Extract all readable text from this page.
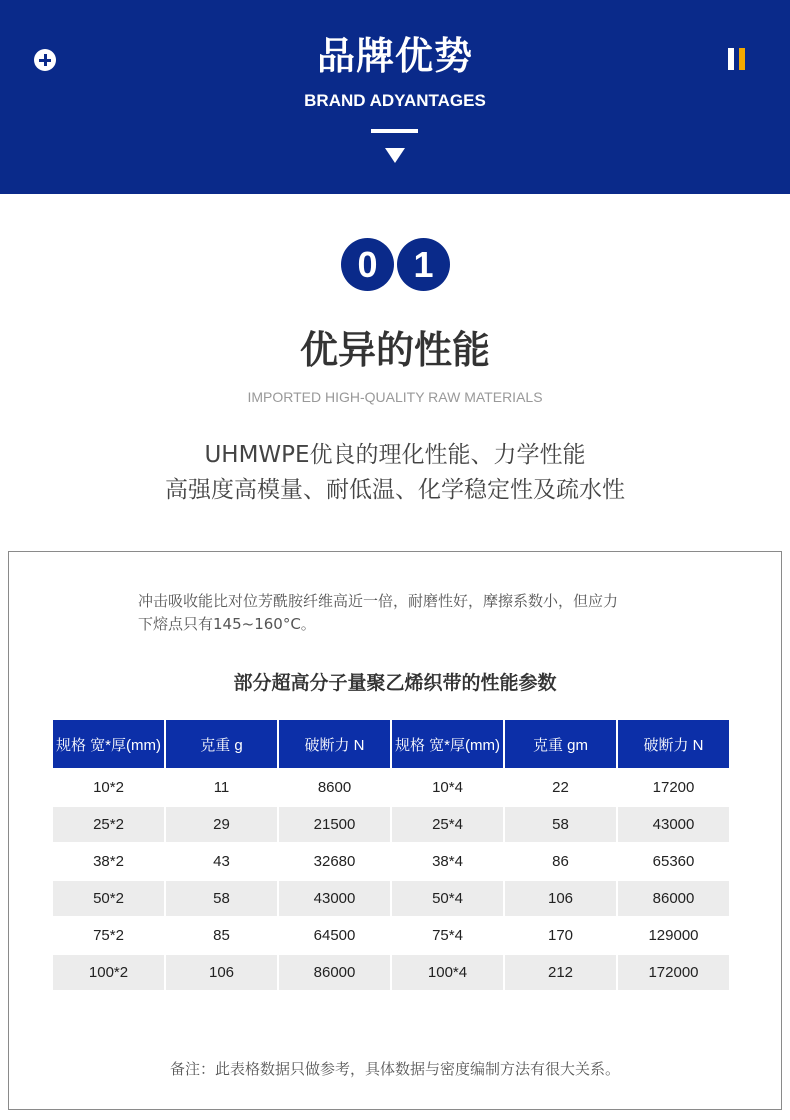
品牌优势
BRAND ADYANTAGES
0 1
优异的性能
IMPORTED HIGH-QUALITY RAW MATERIALS
UHMWPE优良的理化性能、力学性能
高强度高模量、耐低温、化学稳定性及疏水性
冲击吸收能比对位芳酰胺纤维高近一倍，耐磨性好，摩擦系数小，但应力
下熔点只有145~160°C。
部分超高分子量聚乙烯织带的性能参数
规格 宽*厚(mm)	克重 g	破断力 N	规格 宽*厚(mm)	克重 gm	破断力 N
10*2	11	8600	10*4	22	17200
25*2	29	21500	25*4	58	43000
38*2	43	32680	38*4	86	65360
50*2	58	43000	50*4	106	86000
75*2	85	64500	75*4	170	129000
100*2	106	86000	100*4	212	172000
备注：此表格数据只做参考，具体数据与密度编制方法有很大关系。
